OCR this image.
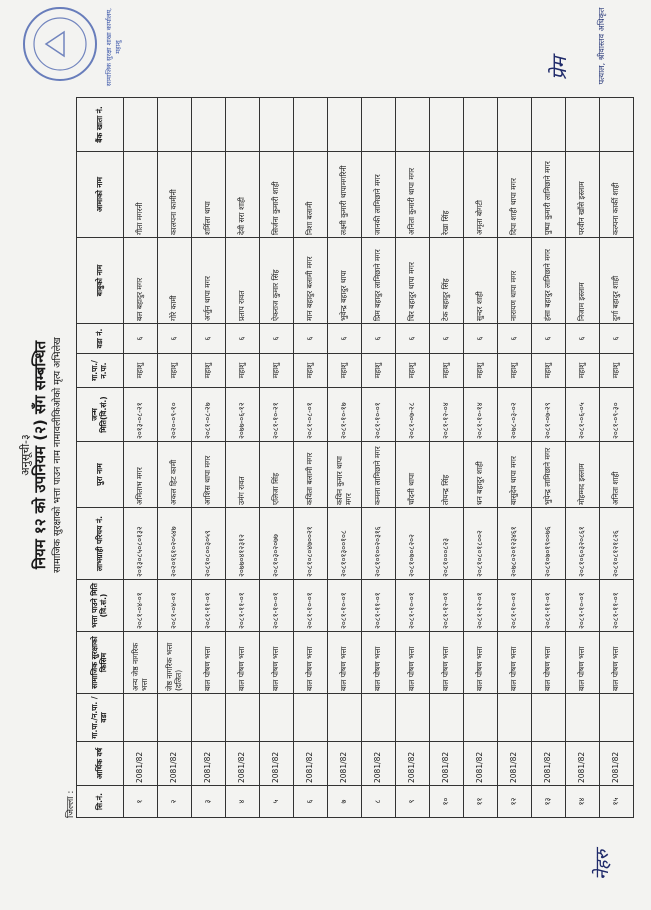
अनुसूची-३ नियम १२ को उपनियम (२) सँग सम्बन्धित सामाजिक सुरक्षाको भत्ता पाउन नाम नामावलीकिओको मृत्य अभिलेख
जिल्ला : सि.नं.	आर्थिक वर्ष	गा.पा./न.पा. /वडा	सामाजिक सुरक्षाको किसिम	भत्ता पाउने मिति (वि.सं.)	लाभग्राही परिचय नं.	पुरा नाम	जन्म मिति(वि.सं.)	गा.पा./न.पा.	वडा नं.	बाबुको नाम	आमाको नाम	बैंक खाता नं.
१	2081/82		अन्य जेष्ठ नागरिक भत्ता	२०८१-०४-०१	२०१३०८५०८०१३२	अमिताभ मगर	२०१३-०८-२१	महाशु	६	बल बहादुर मगर	गीता मगरनी	
२	2081/82		जेष्ठ नागरिक भत्ता (दलित)	२०८१-०४-०१	२०२०१६१०२०५४७	अकल हिट कामी	२०२०-०९-१०	महाशु	६	गोरे कामी	कालपना कामीनी	
३	2081/82		बाल पोषण भत्ता	२०८१-११-०१	२०८१०८००३०५९	आशिस थापा मगर	२०८१-०८-२७	महाशु	६	अर्जुन थापा मगर	शर्मिला थापा	
४	2081/82		बाल पोषण भत्ता	२०८१-११-०१	२०७७०४१२३१२	उमंग रावत	२०७७-०६-१२	महाशु	६	प्रताप रावत	देवी सरा शाही	
५	2081/82		बाल पोषण भत्ता	२०८१-१०-०१	२०८१०३०२०७७	एलिजा सिंह	२०८१-१०-२१	महाशु	६	ऐकराज कुमार सिंह	सिर्जना कुमारी शाही	
६	2081/82		बाल पोषण भत्ता	२०८१-१०-०१	२०८१०८०४७००२१	कविता बलामी मगर	२०८१-०८-०१	महाशु	६	मान बहादुर बलामी मगर	निशा बलामी	
७	2081/82		बाल पोषण भत्ता	२०८१-१०-०१	२०८१०१३००१०८	कविन कुमार थापा मगर	२०८१-१०-१७	महाशु	६	भुवेन्द्र बहादुर थापा	लक्ष्मी कुमारी थापामगरिनी	
८	2081/82		बाल पोषण भत्ता	२०८१-११-०१	२०८१०१००२०३१६	कमला लामिछाने मगर	२०८१-१०-०१	महाशु	६	प्रिम बहादुर लामिछाने मगर	जानकी लामिछाने मगर	
९	2081/82		बाल पोषण भत्ता	२०८१-१०-०१	२०८१०७०८२०२	चाँदनी थापा	२०८१-०७-२८	महाशु	६	चिर बहादुर थापा मगर	अनिता कुमारी थापा मगर	
१०	2081/82		बाल पोषण भत्ता	२०८१-१२-०१	२०८१०००८२३	तोयन्द्र सिंह	२०८१-१२-०४	महाशु	६	टेक बहादुर सिंह	रेखा सिंह	
११	2081/82		बाल पोषण भत्ता	२०८१-१२-०१	२०८१०८०१८००२	धन बहादुर शाही	२०८१-१०-१४	महाशु	६	सुन्दर शाही	अमृता बोगटी	
१२	2081/82		बाल पोषण भत्ता	२०८१-१०-०१	२०७८०२०१२३४६१	बासुदेव थापा मगर	२०७८-०३-०२	महाशु	६	नारायण थापा मगर	दिपा शाही थापा मगर	
१३	2081/82		बाल पोषण भत्ता	२०८१-११-०१	२०८१०७०१९००७६	भुपेन्द्र लामिछाने मगर	२०८१-०७-२९	महाशु	६	हंसा बहादुर लामिछाने मगर	पुष्पा कुमारी लामिछाने मगर	
१४	2081/82		बाल पोषण भत्ता	२०८१-१०-०१	२०८१०६०३२०८६१	मोहम्मद इस्लाम	२०८१-०६-०५	महाशु	६	निजाम इस्लाम	परवीन खाँसे इस्लाम	
१५	2081/82		बाल पोषण भत्ता	२०८१-११-०१	२०८१०८१२१८२६	अनिता शाही	२०८१-०९-३०	महाशु	६	दुर्गा बहादुर शाही	कल्पना कार्की शाही	
सामाजिक सुरक्षा शाखा कार्यालय, महाशु	पत्याल, श्रीवास्तव अधिकृत
प्रेम
नेहरु
